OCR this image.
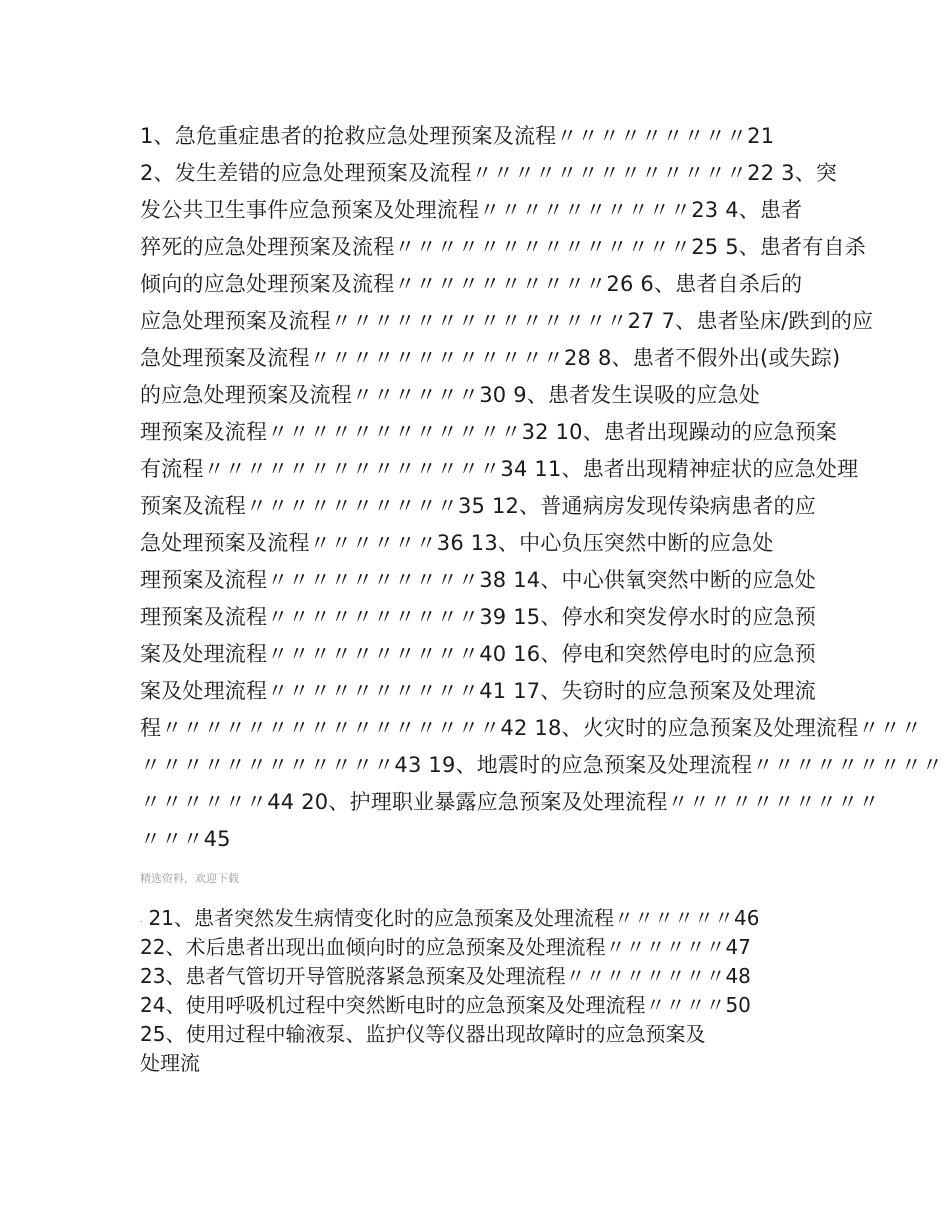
1、急危重症患者的抢救应急处理预案及流程〃〃〃〃〃〃〃〃〃21
2、发生差错的应急处理预案及流程〃〃〃〃〃〃〃〃〃〃〃〃〃22 3、突
发公共卫生事件应急预案及处理流程〃〃〃〃〃〃〃〃〃〃23 4、患者
猝死的应急处理预案及流程〃〃〃〃〃〃〃〃〃〃〃〃〃〃25 5、患者有自杀
倾向的应急处理预案及流程〃〃〃〃〃〃〃〃〃〃26 6、患者自杀后的
应急处理预案及流程〃〃〃〃〃〃〃〃〃〃〃〃〃〃27 7、患者坠床/跌到的应
急处理预案及流程〃〃〃〃〃〃〃〃〃〃〃〃28 8、患者不假外出(或失踪)
的应急处理预案及流程〃〃〃〃〃〃30 9、患者发生误吸的应急处
理预案及流程〃〃〃〃〃〃〃〃〃〃〃〃32 10、患者出现躁动的应急预案
有流程〃〃〃〃〃〃〃〃〃〃〃〃〃〃34 11、患者出现精神症状的应急处理
预案及流程〃〃〃〃〃〃〃〃〃〃35 12、普通病房发现传染病患者的应
急处理预案及流程〃〃〃〃〃〃36 13、中心负压突然中断的应急处
理预案及流程〃〃〃〃〃〃〃〃〃〃38 14、中心供氧突然中断的应急处
理预案及流程〃〃〃〃〃〃〃〃〃〃39 15、停水和突发停水时的应急预
案及处理流程〃〃〃〃〃〃〃〃〃〃40 16、停电和突然停电时的应急预
案及处理流程〃〃〃〃〃〃〃〃〃〃41 17、失窃时的应急预案及处理流
程〃〃〃〃〃〃〃〃〃〃〃〃〃〃〃〃42 18、火灾时的应急预案及处理流程〃〃〃
〃〃〃〃〃〃〃〃〃〃〃〃43 19、地震时的应急预案及处理流程〃〃〃〃〃〃〃〃〃
〃〃〃〃〃〃44 20、护理职业暴露应急预案及处理流程〃〃〃〃〃〃〃〃〃〃
〃〃〃45
精选资料，欢迎下载
. 21、患者突然发生病情变化时的应急预案及处理流程〃〃〃〃〃〃46
22、术后患者出现出血倾向时的应急预案及处理流程〃〃〃〃〃〃47
23、患者气管切开导管脱落紧急预案及处理流程〃〃〃〃〃〃〃〃48
24、使用呼吸机过程中突然断电时的应急预案及处理流程〃〃〃〃50
25、使用过程中输液泵、监护仪等仪器出现故障时的应急预案及
处理流
